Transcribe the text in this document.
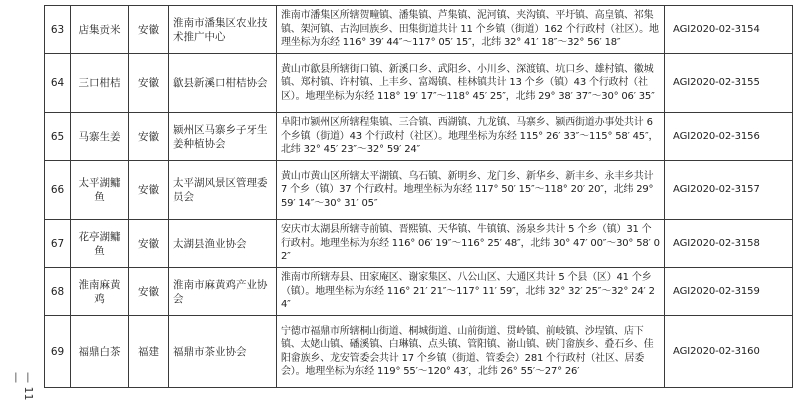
63	店集贡米	安徽	淮南市潘集区农业技术推广中心	淮南市潘集区所辖贺疃镇、潘集镇、芦集镇、泥河镇、夹沟镇、平圩镇、高皇镇、祁集镇、架河镇、古沟回族乡、田集街道共计 11 个乡镇（街道）162 个行政村（社区）。地理坐标为东经 116° 39′ 44″～117° 05′ 15″，北纬 32° 41′ 18″～32° 56′ 18″	AGI2020-02-3154
64	三口柑桔	安徽	歙县新溪口柑桔协会	黄山市歙县所辖街口镇、新溪口乡、武阳乡、小川乡、深渡镇、坑口乡、雄村镇、徽城镇、郑村镇、许村镇、上丰乡、富竭镇、桂林镇共计 13 个乡（镇）43 个行政村（社区）。地理坐标为东经 118° 19′ 17″～118° 45′ 25″，北纬 29° 38′ 37″～30° 06′ 35″	AGI2020-02-3155
65	马寨生姜	安徽	颍州区马寨乡子牙生姜种植协会	阜阳市颍州区所辖程集镇、三合镇、西湖镇、九龙镇、马寨乡、颍西街道办事处共计 6 个乡镇（街道）43 个行政村（社区）。地理坐标为东经 115° 26′ 33″～115° 58′ 45″，北纬 32° 45′ 23″～32° 59′ 24″	AGI2020-02-3156
66	太平湖鳙鱼	安徽	太平湖风景区管理委员会	黄山市黄山区所辖太平湖镇、乌石镇、新明乡、龙门乡、新华乡、新丰乡、永丰乡共计 7 个乡（镇）37 个行政村。地理坐标为东经 117° 50′ 15″～118° 20′ 20″，北纬 29° 59′ 14″～30° 31′ 05″	AGI2020-02-3157
67	花亭湖鳙鱼	安徽	太湖县渔业协会	安庆市太湖县所辖寺前镇、晋熙镇、天华镇、牛镇镇、汤泉乡共计 5 个乡（镇）31 个行政村。地理坐标为东经 116° 06′ 19″～116° 25′ 48″，北纬 30° 47′ 00″～30° 58′ 02″	AGI2020-02-3158
68	淮南麻黄鸡	安徽	淮南市麻黄鸡产业协会	淮南市所辖寿县、田家庵区、谢家集区、八公山区、大通区共计 5 个县（区）41 个乡（镇）。地理坐标为东经 116° 21′ 21″～117° 11′ 59″，北纬 32° 32′ 25″～32° 24′ 24″	AGI2020-02-3159
69	福鼎白茶	福建	福鼎市茶业协会	宁德市福鼎市所辖桐山街道、桐城街道、山前街道、贯岭镇、前岐镇、沙埕镇、店下镇、太姥山镇、磻溪镇、白琳镇、点头镇、管阳镇、嵛山镇、硖门畲族乡、叠石乡、佳阳畲族乡、龙安管委会共计 17 个乡镇（街道、管委会）281 个行政村（社区、居委会）。地理坐标为东经 119° 55′～120° 43′，北纬 26° 55′～27° 26′	AGI2020-02-3160
— 11 —
